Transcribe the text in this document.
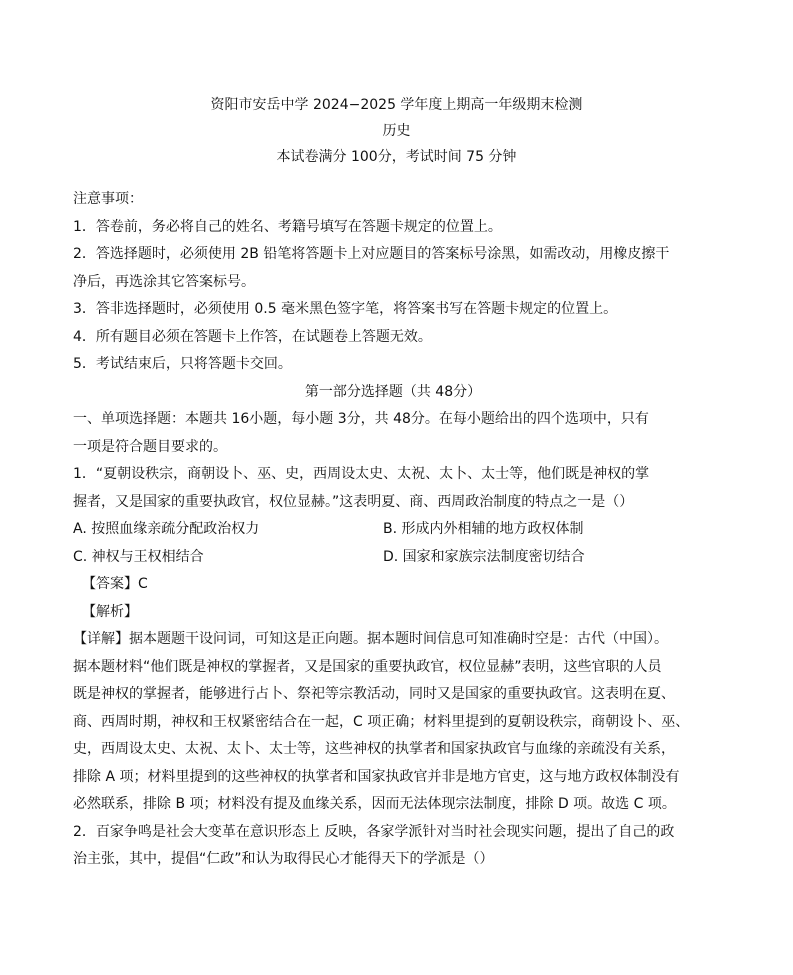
资阳市安岳中学 2024−2025 学年度上期高一年级期末检测

历史

本试卷满分 100分，考试时间 75 分钟

注意事项：

1．答卷前，务必将自己的姓名、考籍号填写在答题卡规定的位置上。

2．答选择题时，必须使用 2B 铅笔将答题卡上对应题目的答案标号涂黑，如需改动，用橡皮擦干

净后，再选涂其它答案标号。

3．答非选择题时，必须使用 0.5 毫米黑色签字笔，将答案书写在答题卡规定的位置上。

4．所有题目必须在答题卡上作答，在试题卷上答题无效。

5．考试结束后，只将答题卡交回。

第一部分选择题（共 48分）

一、单项选择题：本题共 16小题，每小题 3分，共 48分。在每小题给出的四个选项中，只有

一项是符合题目要求的。

1．“夏朝设秩宗，商朝设卜、巫、史，西周设太史、太祝、太卜、太士等，他们既是神权的掌

握者，又是国家的重要执政官，权位显赫。”这表明夏、商、西周政治制度的特点之一是（）

A. 按照血缘亲疏分配政治权力	B. 形成内外相辅的地方政权体制
C. 神权与王权相结合	D. 国家和家族宗法制度密切结合

【答案】C

【解析】

【详解】据本题题干设问词，可知这是正向题。据本题时间信息可知准确时空是：古代（中国）。

据本题材料“他们既是神权的掌握者，又是国家的重要执政官，权位显赫”表明，这些官职的人员

既是神权的掌握者，能够进行占卜、祭祀等宗教活动，同时又是国家的重要执政官。这表明在夏、

商、西周时期，神权和王权紧密结合在一起，C 项正确；材料里提到的夏朝设秩宗，商朝设卜、巫、

史，西周设太史、太祝、太卜、太士等，这些神权的执掌者和国家执政官与血缘的亲疏没有关系，

排除 A 项；材料里提到的这些神权的执掌者和国家执政官并非是地方官吏，这与地方政权体制没有

必然联系，排除 B 项；材料没有提及血缘关系，因而无法体现宗法制度，排除 D 项。故选 C 项。

2．百家争鸣是社会大变革在意识形态上 反映，各家学派针对当时社会现实问题，提出了自己的政

治主张，其中，提倡“仁政”和认为取得民心才能得天下的学派是（）
